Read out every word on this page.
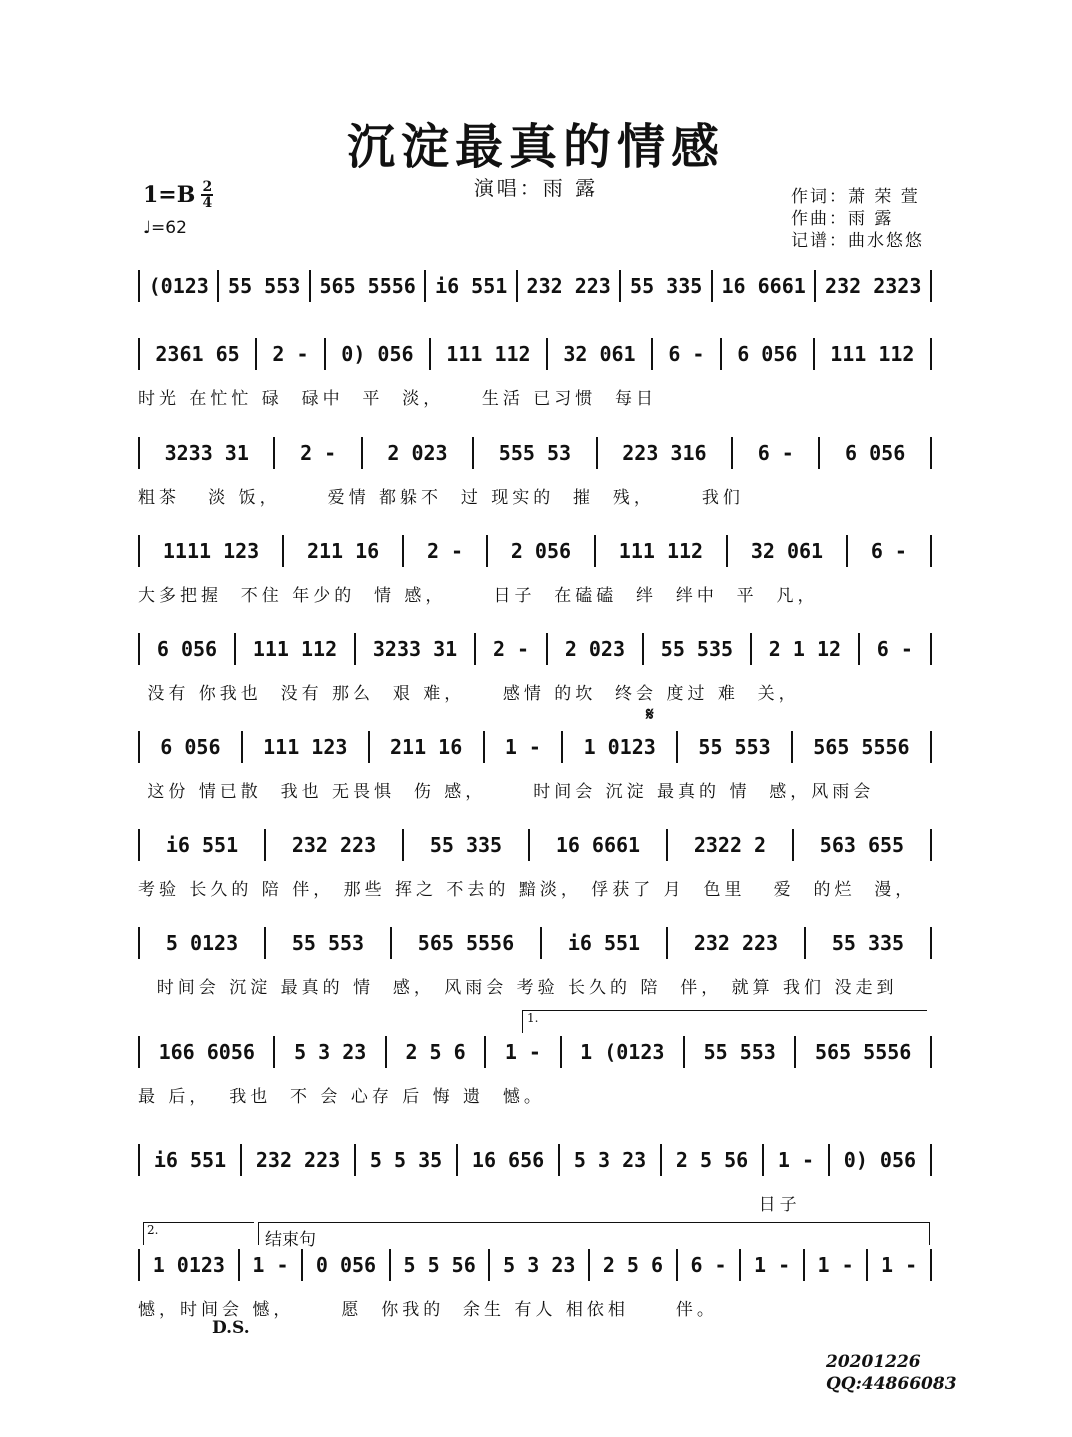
沉淀最真的情感
演唱：雨 露
$1=B \frac{2}{4}$
♩=62
作词：萧 荣 萱
作曲：雨 露
记谱：曲水悠悠
(0123 55 553 565 5556 i6 551 232 223 55 335 16 6661 232 2323
2361 65 2 - 0) 056 111 112 32 061 6 - 6 056 111 112
时光 在忙忙 碌  碌中  平  淡，    生活 已习惯  每日
3233 31	2 -	2 023	555 53	223 316	6 -	6 056
粗茶   淡 饭，     爱情 都躲不  过 现实的  摧  残，     我们
1111 123 211 16 2 - 2 056 111 112 32 061 6 -
大多把握  不住 年少的  情 感，     日子  在磕磕  绊  绊中  平  凡，
6 056 111 112 3233 31 2 - 2 023 55 535 2 1 12 6 -
没有 你我也  没有 那么  艰 难，    感情 的坎  终会 度过 难  关，
6 056 111 123 211 16 1 - 1 0123 55 553 565 5556
这份 情已散  我也 无畏惧  伤 感，     时间会 沉淀 最真的 情  感，风雨会
i6 551	232 223	55 335	16 6661	2322 2	563 655
考验 长久的 陪 伴， 那些 挥之 不去的 黯淡， 俘获了 月  色里   爱  的烂  漫，
5 0123	55 553	565 5556	i6 551	232 223	55 335
时间会 沉淀 最真的 情  感， 风雨会 考验 长久的 陪  伴， 就算 我们 没走到
166 6056 5 3 23 2 5 6 1 - 1 (0123 55 553 565 5556
最 后，  我也  不 会 心存 后 悔 遗  憾。
i6 551 232 223 5 5 35 16 656 5 3 23 2 5 56 1 - 0) 056
日子
1 0123 1 - 0 056 5 5 56 5 3 23 2 5 6 6 - 1 - 1 - 1 -
憾，时间会 憾，     愿  你我的  余生 有人 相依相     伴。
𝄋
1.
2.	结束句
D.S.
20201226
QQ:44866083
